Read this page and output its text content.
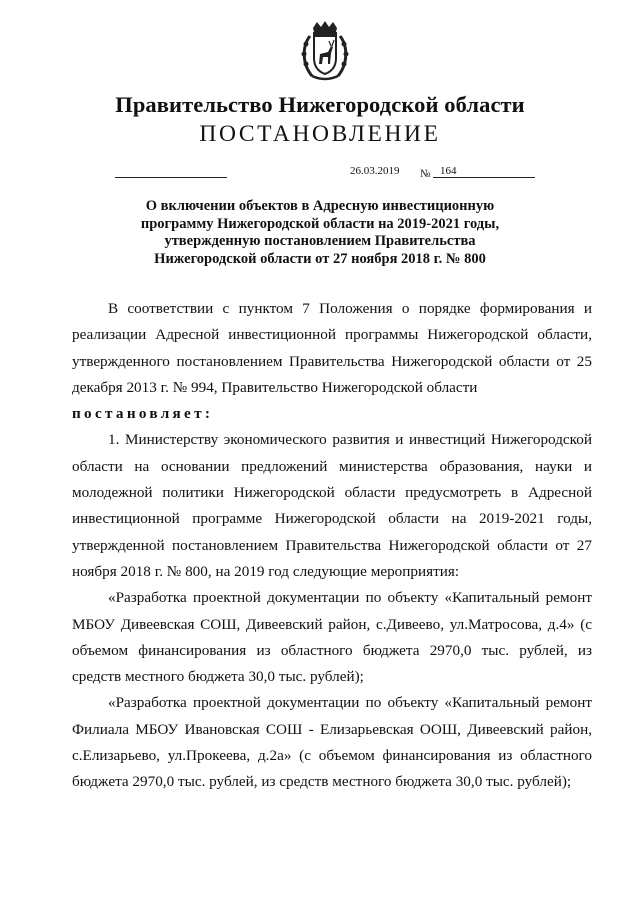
Правительство Нижегородской области
ПОСТАНОВЛЕНИЕ
26.03.2019 № 164
О включении объектов в Адресную инвестиционную
программу Нижегородской области на 2019-2021 годы,
утвержденную постановлением Правительства
Нижегородской области от 27 ноября 2018 г. № 800

В соответствии с пунктом 7 Положения о порядке формирования и реализации Адресной инвестиционной программы Нижегородской области, утвержденного постановлением Правительства Нижегородской области от 25 декабря 2013 г. № 994, Правительство Нижегородской области

постановляет:

1. Министерству экономического развития и инвестиций Нижегородской области на основании предложений министерства образования, науки и молодежной политики Нижегородской области предусмотреть в Адресной инвестиционной программе Нижегородской области на 2019-2021 годы, утвержденной постановлением Правительства Нижегородской области от 27 ноября 2018 г. № 800, на 2019 год следующие мероприятия:

«Разработка проектной документации по объекту «Капитальный ремонт МБОУ Дивеевская СОШ, Дивеевский район, с.Дивеево, ул.Матросова, д.4» (с объемом финансирования из областного бюджета 2970,0 тыс. рублей, из средств местного бюджета 30,0 тыс. рублей);

«Разработка проектной документации по объекту «Капитальный ремонт Филиала МБОУ Ивановская СОШ - Елизарьевская ООШ, Дивеевский район, с.Елизарьево, ул.Прокеева, д.2а» (с объемом финансирования из областного бюджета 2970,0 тыс. рублей, из средств местного бюджета 30,0 тыс. рублей);
